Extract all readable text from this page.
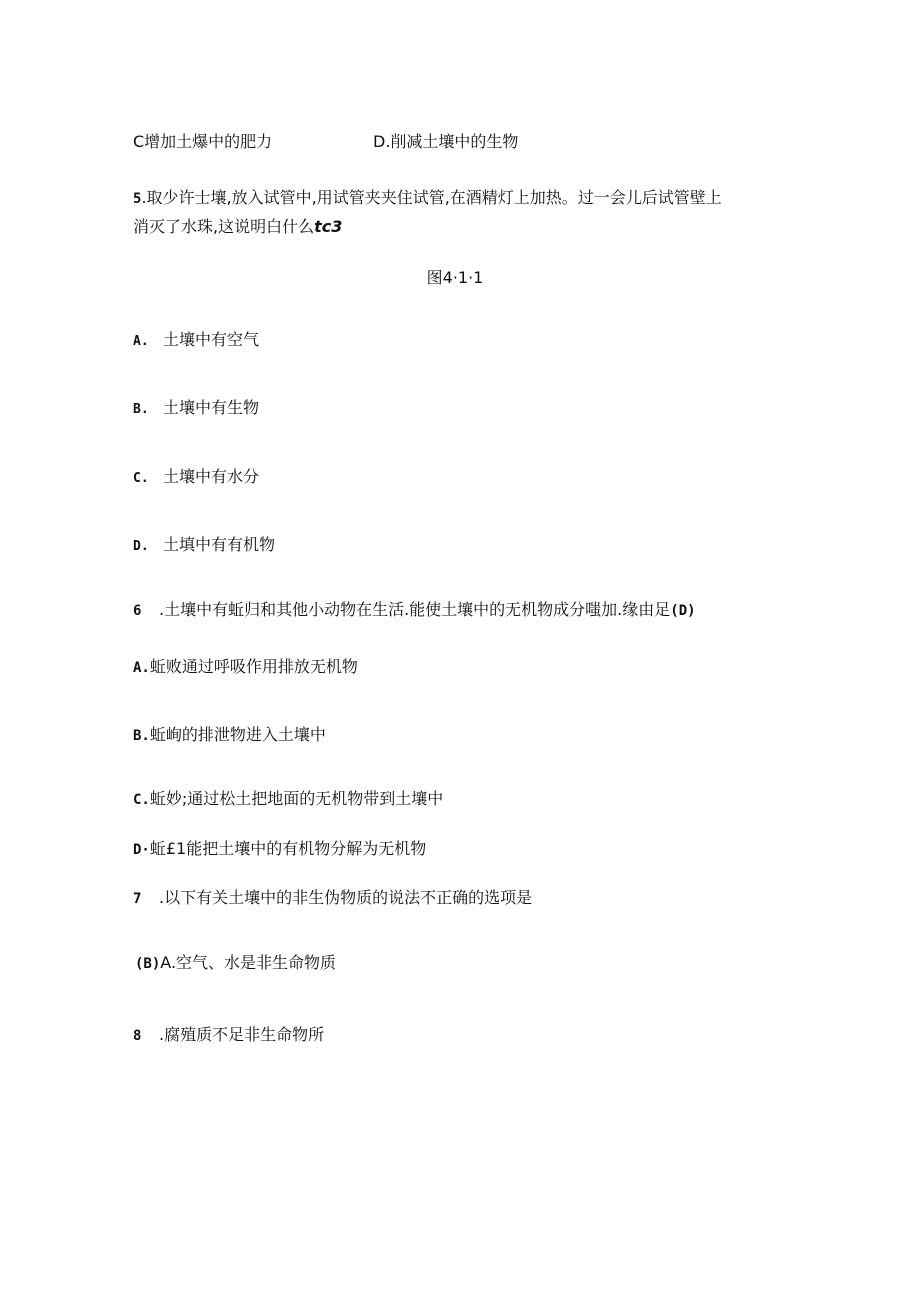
C增加土爆中的肥力	D.削减土壤中的生物
5.取少许士壤,放入试管中,用试管夹夹住试管,在酒精灯上加热。过一会儿后试管壁上
消灭了水珠,这说明白什么tc3
图4·1·1
A. 土壤中有空气
B. 土壤中有生物
C. 土壤中有水分
D. 土填中有有机物
6 .土壤中有蚯归和其他小动物在生活.能使土壤中的无机物成分嗤加.缘由足(D)
A.蚯败通过呼吸作用排放无机物
B.蚯峋的排泄物进入土壤中
C.蚯妙;通过松土把地面的无机物带到土壤中
D·蚯£1能把土壤中的有机物分解为无机物
7 .以下有关土壤中的非生伪物质的说法不正确的选项是
(B)A.空气、水是非生命物质
8 .腐殖质不足非生命物所
